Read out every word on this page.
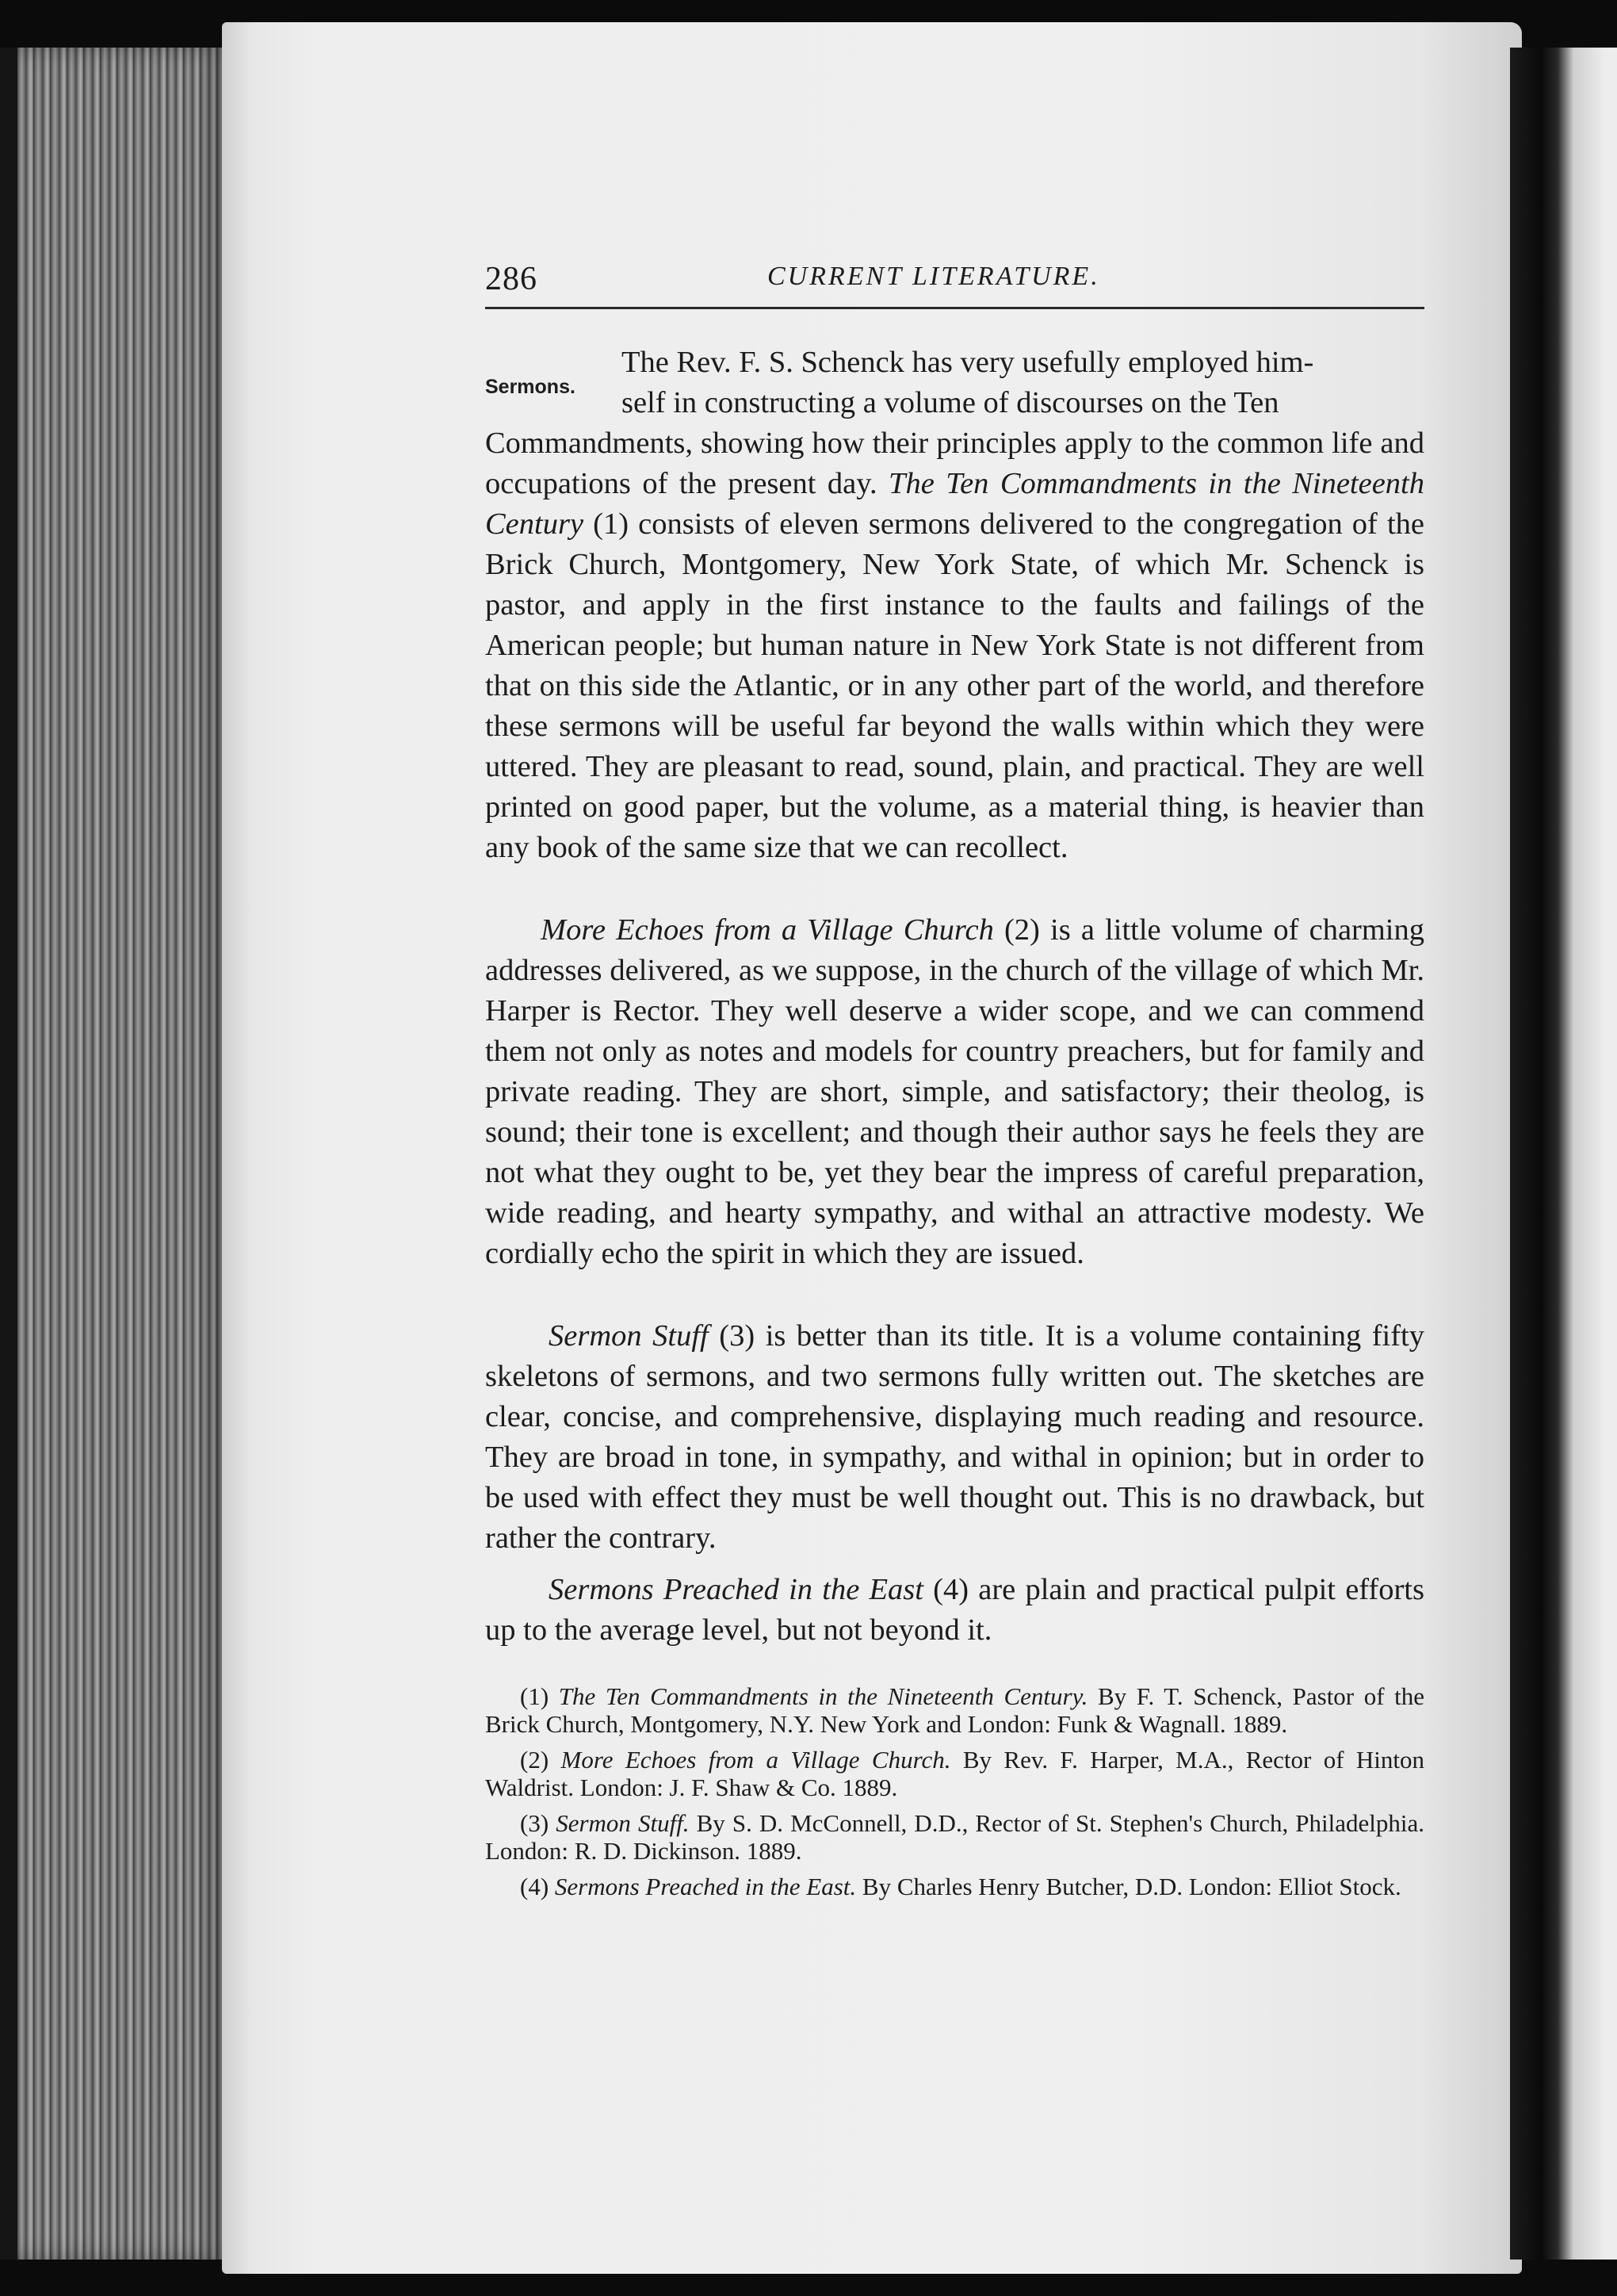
286	CURRENT LITERATURE.
Sermons.
The Rev. F. S. Schenck has very usefully employed him-
self in constructing a volume of discourses on the Ten
Commandments, showing how their principles apply to the common life and occupations of the present day. The Ten Commandments in the Nineteenth Century (1) consists of eleven sermons delivered to the congregation of the Brick Church, Montgomery, New York State, of which Mr. Schenck is pastor, and apply in the first instance to the faults and failings of the American people; but human nature in New York State is not different from that on this side the Atlantic, or in any other part of the world, and therefore these sermons will be useful far beyond the walls within which they were uttered. They are pleasant to read, sound, plain, and practical. They are well printed on good paper, but the volume, as a material thing, is heavier than any book of the same size that we can recollect.
More Echoes from a Village Church (2) is a little volume of charming addresses delivered, as we suppose, in the church of the village of which Mr. Harper is Rector. They well deserve a wider scope, and we can commend them not only as notes and models for country preachers, but for family and private reading. They are short, simple, and satisfactory; their theolog, is sound; their tone is excellent; and though their author says he feels they are not what they ought to be, yet they bear the impress of careful preparation, wide reading, and hearty sympathy, and withal an attractive modesty. We cordially echo the spirit in which they are issued.
Sermon Stuff (3) is better than its title. It is a volume containing fifty skeletons of sermons, and two sermons fully written out. The sketches are clear, concise, and comprehensive, displaying much reading and resource. They are broad in tone, in sympathy, and withal in opinion; but in order to be used with effect they must be well thought out. This is no drawback, but rather the contrary.
Sermons Preached in the East (4) are plain and practical pulpit efforts up to the average level, but not beyond it.

(1) The Ten Commandments in the Nineteenth Century. By F. T. Schenck, Pastor of the Brick Church, Montgomery, N.Y. New York and London: Funk & Wagnall. 1889.

(2) More Echoes from a Village Church. By Rev. F. Harper, M.A., Rector of Hinton Waldrist. London: J. F. Shaw & Co. 1889.

(3) Sermon Stuff. By S. D. McConnell, D.D., Rector of St. Stephen's Church, Philadelphia. London: R. D. Dickinson. 1889.

(4) Sermons Preached in the East. By Charles Henry Butcher, D.D. London: Elliot Stock.
